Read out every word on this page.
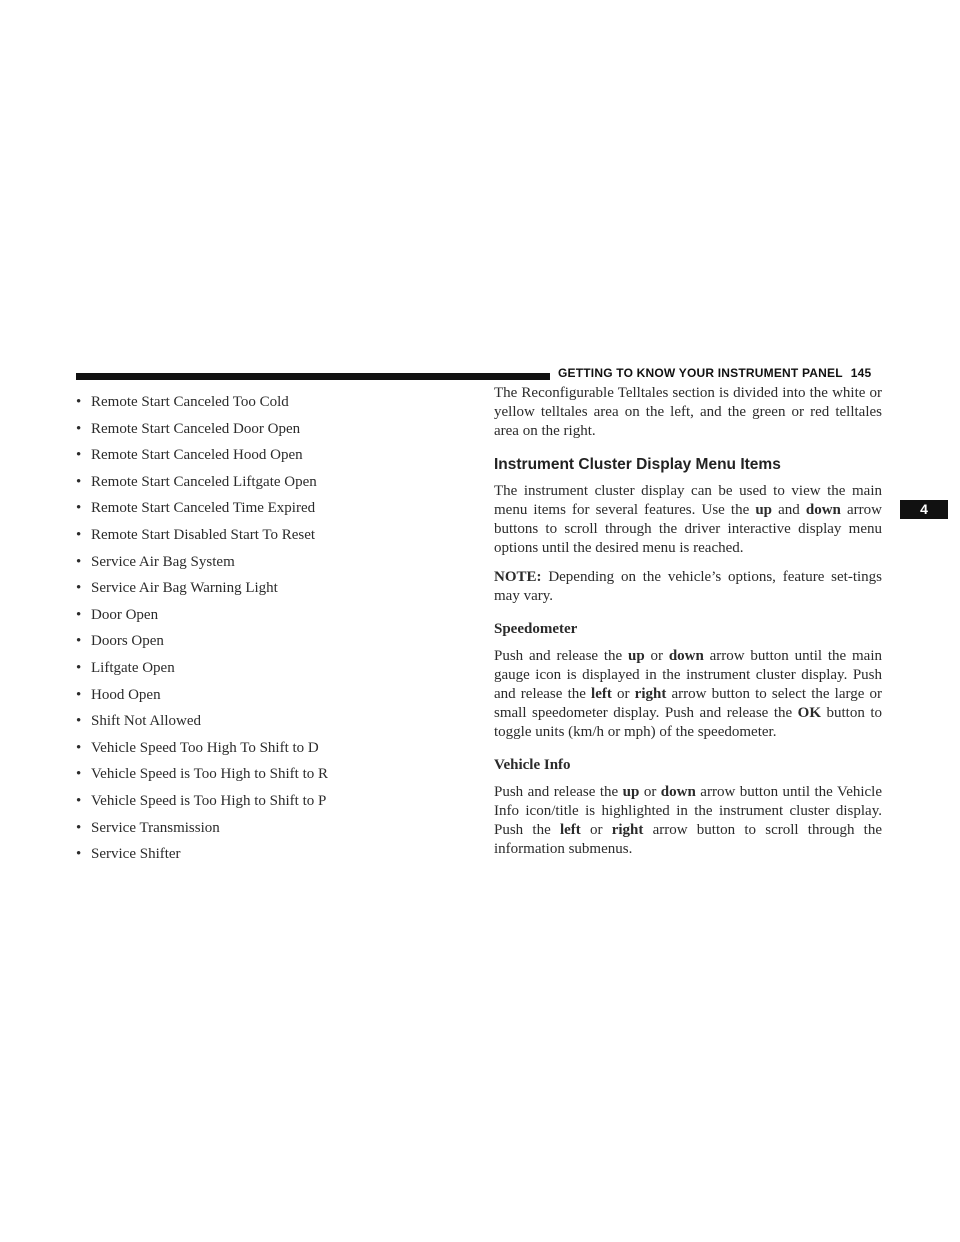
GETTING TO KNOW YOUR INSTRUMENT PANEL 145
4
• Remote Start Canceled Too Cold
• Remote Start Canceled Door Open
• Remote Start Canceled Hood Open
• Remote Start Canceled Liftgate Open
• Remote Start Canceled Time Expired
• Remote Start Disabled Start To Reset
• Service Air Bag System
• Service Air Bag Warning Light
• Door Open
• Doors Open
• Liftgate Open
• Hood Open
• Shift Not Allowed
• Vehicle Speed Too High To Shift to D
• Vehicle Speed is Too High to Shift to R
• Vehicle Speed is Too High to Shift to P
• Service Transmission
• Service Shifter

The Reconfigurable Telltales section is divided into the white or yellow telltales area on the left, and the green or red telltales area on the right.

Instrument Cluster Display Menu Items

The instrument cluster display can be used to view the main menu items for several features. Use the up and down arrow buttons to scroll through the driver interactive display menu options until the desired menu is reached.

NOTE: Depending on the vehicle’s options, feature set-tings may vary.

Speedometer

Push and release the up or down arrow button until the main gauge icon is displayed in the instrument cluster display. Push and release the left or right arrow button to select the large or small speedometer display. Push and release the OK button to toggle units (km/h or mph) of the speedometer.

Vehicle Info

Push and release the up or down arrow button until the Vehicle Info icon/title is highlighted in the instrument cluster display. Push the left or right arrow button to scroll through the information submenus.
